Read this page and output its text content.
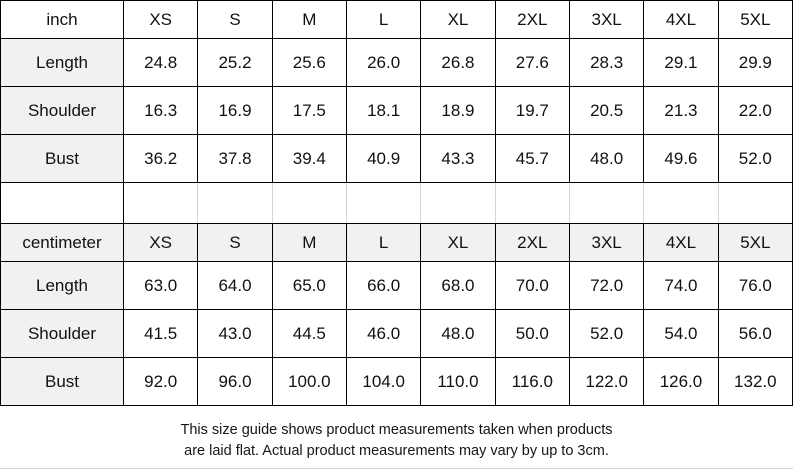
inch	XS	S	M	L	XL	2XL	3XL	4XL	5XL
Length	24.8	25.2	25.6	26.0	26.8	27.6	28.3	29.1	29.9
Shoulder	16.3	16.9	17.5	18.1	18.9	19.7	20.5	21.3	22.0
Bust	36.2	37.8	39.4	40.9	43.3	45.7	48.0	49.6	52.0

centimeter	XS	S	M	L	XL	2XL	3XL	4XL	5XL
Length	63.0	64.0	65.0	66.0	68.0	70.0	72.0	74.0	76.0
Shoulder	41.5	43.0	44.5	46.0	48.0	50.0	52.0	54.0	56.0
Bust	92.0	96.0	100.0	104.0	110.0	116.0	122.0	126.0	132.0
This size guide shows product measurements taken when products
are laid flat. Actual product measurements may vary by up to 3cm.
